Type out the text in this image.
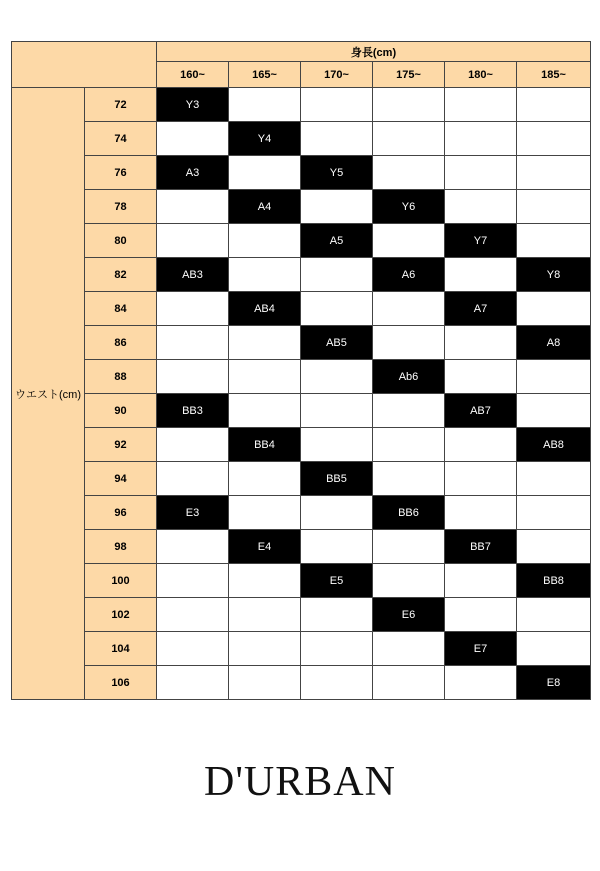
		身長(cm)					
		160~	165~	170~	175~	180~	185~
ウエスト(cm)	72	Y3					
	74		Y4				
	76	A3		Y5			
	78		A4		Y6		
	80			A5		Y7	
	82	AB3			A6		Y8
	84		AB4			A7	
	86			AB5			A8
	88				Ab6		
	90	BB3				AB7	
	92		BB4				AB8
	94			BB5			
	96	E3			BB6		
	98		E4			BB7	
	100			E5			BB8
	102				E6		
	104					E7	
	106						E8
D'URBAN
